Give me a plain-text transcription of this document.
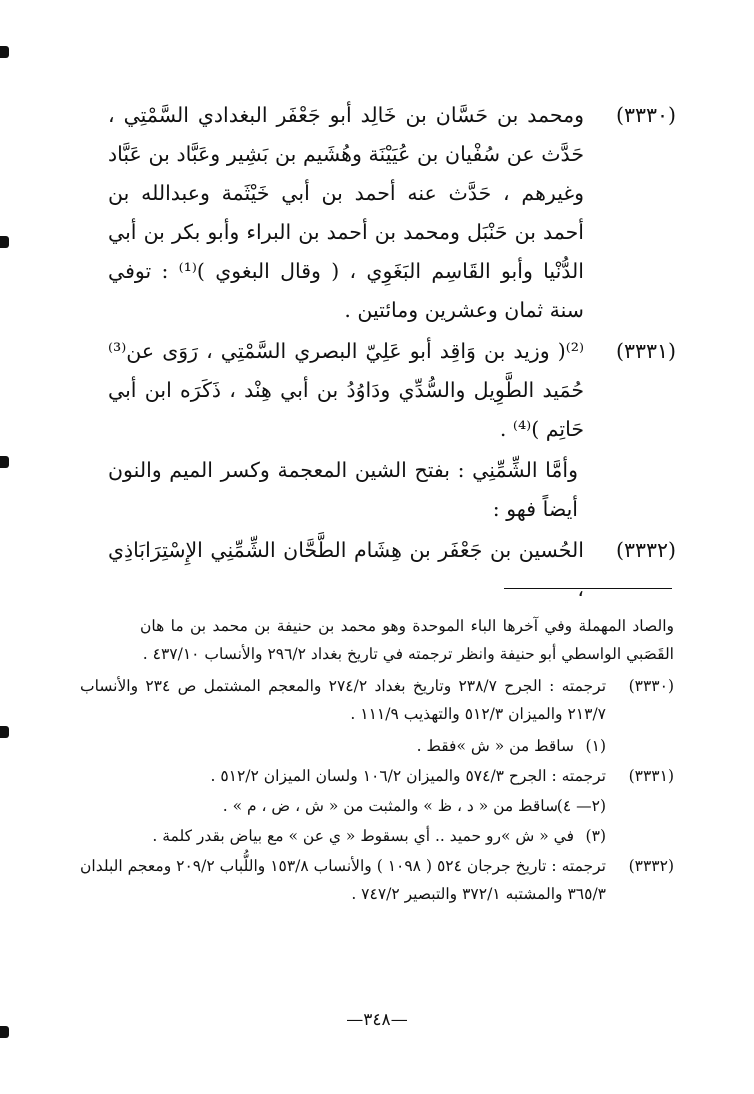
(٣٣٣٠)
ومحمد بن حَسَّان بن خَالِد أبو جَعْفَر البغدادي السَّمْتِي ، حَدَّث عن سُفْيان بن عُيَيْنَة وهُشَيم بن بَشِير وعَبَّاد بن عَبَّاد وغيرهم ، حَدَّث عنه أحمد بن أبي خَيْثَمة وعبدالله بن أحمد بن حَنْبَل ومحمد بن أحمد بن البراء وأبو بكر بن أبي الدُّنْيا وأبو القَاسِم البَغَوِي ، ( وقال البغوي )⁽¹⁾ : توفي سنة ثمان وعشرين ومائتين .
(٣٣٣١)
⁽²⁾( وزيد بن وَاقِد أبو عَلِيّ البصري السَّمْتِي ، رَوَى عن⁽³⁾ حُمَيد الطَّوِيل والسُّدِّي ودَاوُدُ بن أبي هِنْد ، ذَكَرَه ابن أبي حَاتِم )⁽⁴⁾ .
وأمَّا الشِّمِّنِي : بفتح الشين المعجمة وكسر الميم والنون أيضاً فهو :
(٣٣٣٢)
الحُسين بن جَعْفَر بن هِشَام الطَّحَّان الشِّمِّنِي الإِسْتِرَابَاذِي ،
والصاد المهملة وفي آخرها الباء الموحدة وهو محمد بن حنيفة بن محمد بن ما هان القَصَبي الواسطي أبو حنيفة وانظر ترجمته في تاريخ بغداد ٢٩٦/٢ والأنساب ٤٣٧/١٠ .
(٣٣٣٠)
ترجمته : الجرح ٢٣٨/٧ وتاريخ بغداد ٢٧٤/٢ والمعجم المشتمل ص ٢٣٤ والأنساب ٢١٣/٧ والميزان ٥١٢/٣ والتهذيب ١١١/٩ .
(١)
ساقط من « ش »فقط .
(٣٣٣١)
ترجمته : الجرح ٥٧٤/٣ والميزان ١٠٦/٢ ولسان الميزان ٥١٢/٢ .
(٢— ٤)
ساقط من « د ، ظ » والمثبت من « ش ، ض ، م » .
(٣)
في « ش »رو حميد .. أي بسقوط « ي عن » مع بياض بقدر كلمة .
(٣٣٣٢)
ترجمته : تاريخ جرجان ٥٢٤ ( ١٠٩٨ ) والأنساب ١٥٣/٨ واللُّباب ٢٠٩/٢ ومعجم البلدان ٣٦٥/٣ والمشتبه ٣٧٢/١ والتبصير ٧٤٧/٢ .
—٣٤٨—
